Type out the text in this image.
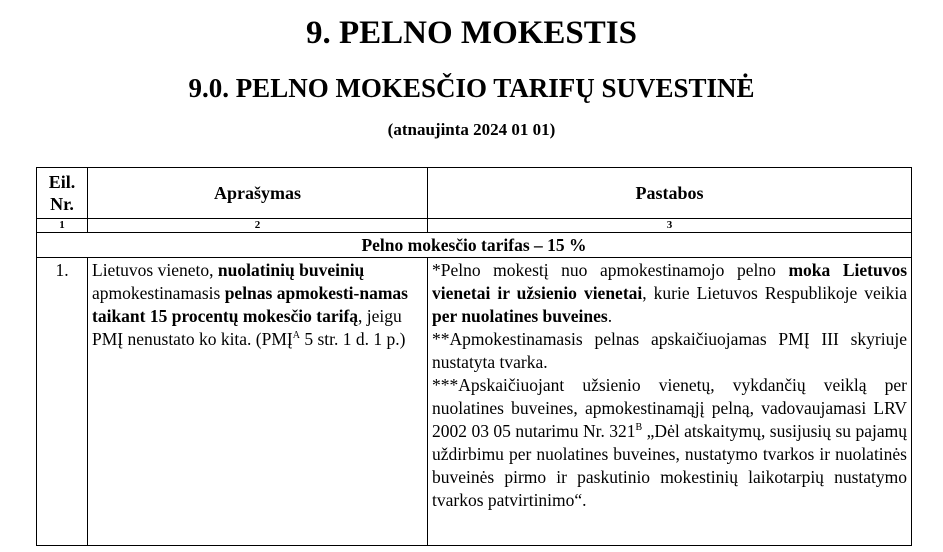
9. PELNO MOKESTIS
9.0. PELNO MOKESČIO TARIFŲ SUVESTINĖ
(atnaujinta 2024 01 01)
Eil.
Nr.	Aprašymas	Pastabos
1	2	3
Pelno mokesčio tarifas – 15 %		
1.	Lietuvos vieneto, nuolatinių buveinių apmokestinamasis pelnas apmokesti-namas taikant 15 procentų mokesčio tarifą, jeigu PMĮ nenustato ko kita. ($PMĮ^A$ 5 str. 1 d. 1 p.)	*Pelno mokestį nuo apmokestinamojo pelno moka Lietuvos vienetai ir užsienio vienetai, kurie Lietuvos Respublikoje veikia per nuolatines buveines.
**Apmokestinamasis pelnas apskaičiuojamas PMĮ III skyriuje nustatyta tvarka.
***Apskaičiuojant užsienio vienetų, vykdančių veiklą per nuolatines buveines, apmokestinamąjį pelną, vadovaujamasi LRV 2002 03 05 nutarimu Nr. $321^B$ „Dėl atskaitymų, susijusių su pajamų uždirbimu per nuolatines buveines, nustatymo tvarkos ir nuolatinės buveinės pirmo ir paskutinio mokestinių laikotarpių nustatymo tvarkos patvirtinimo“.
